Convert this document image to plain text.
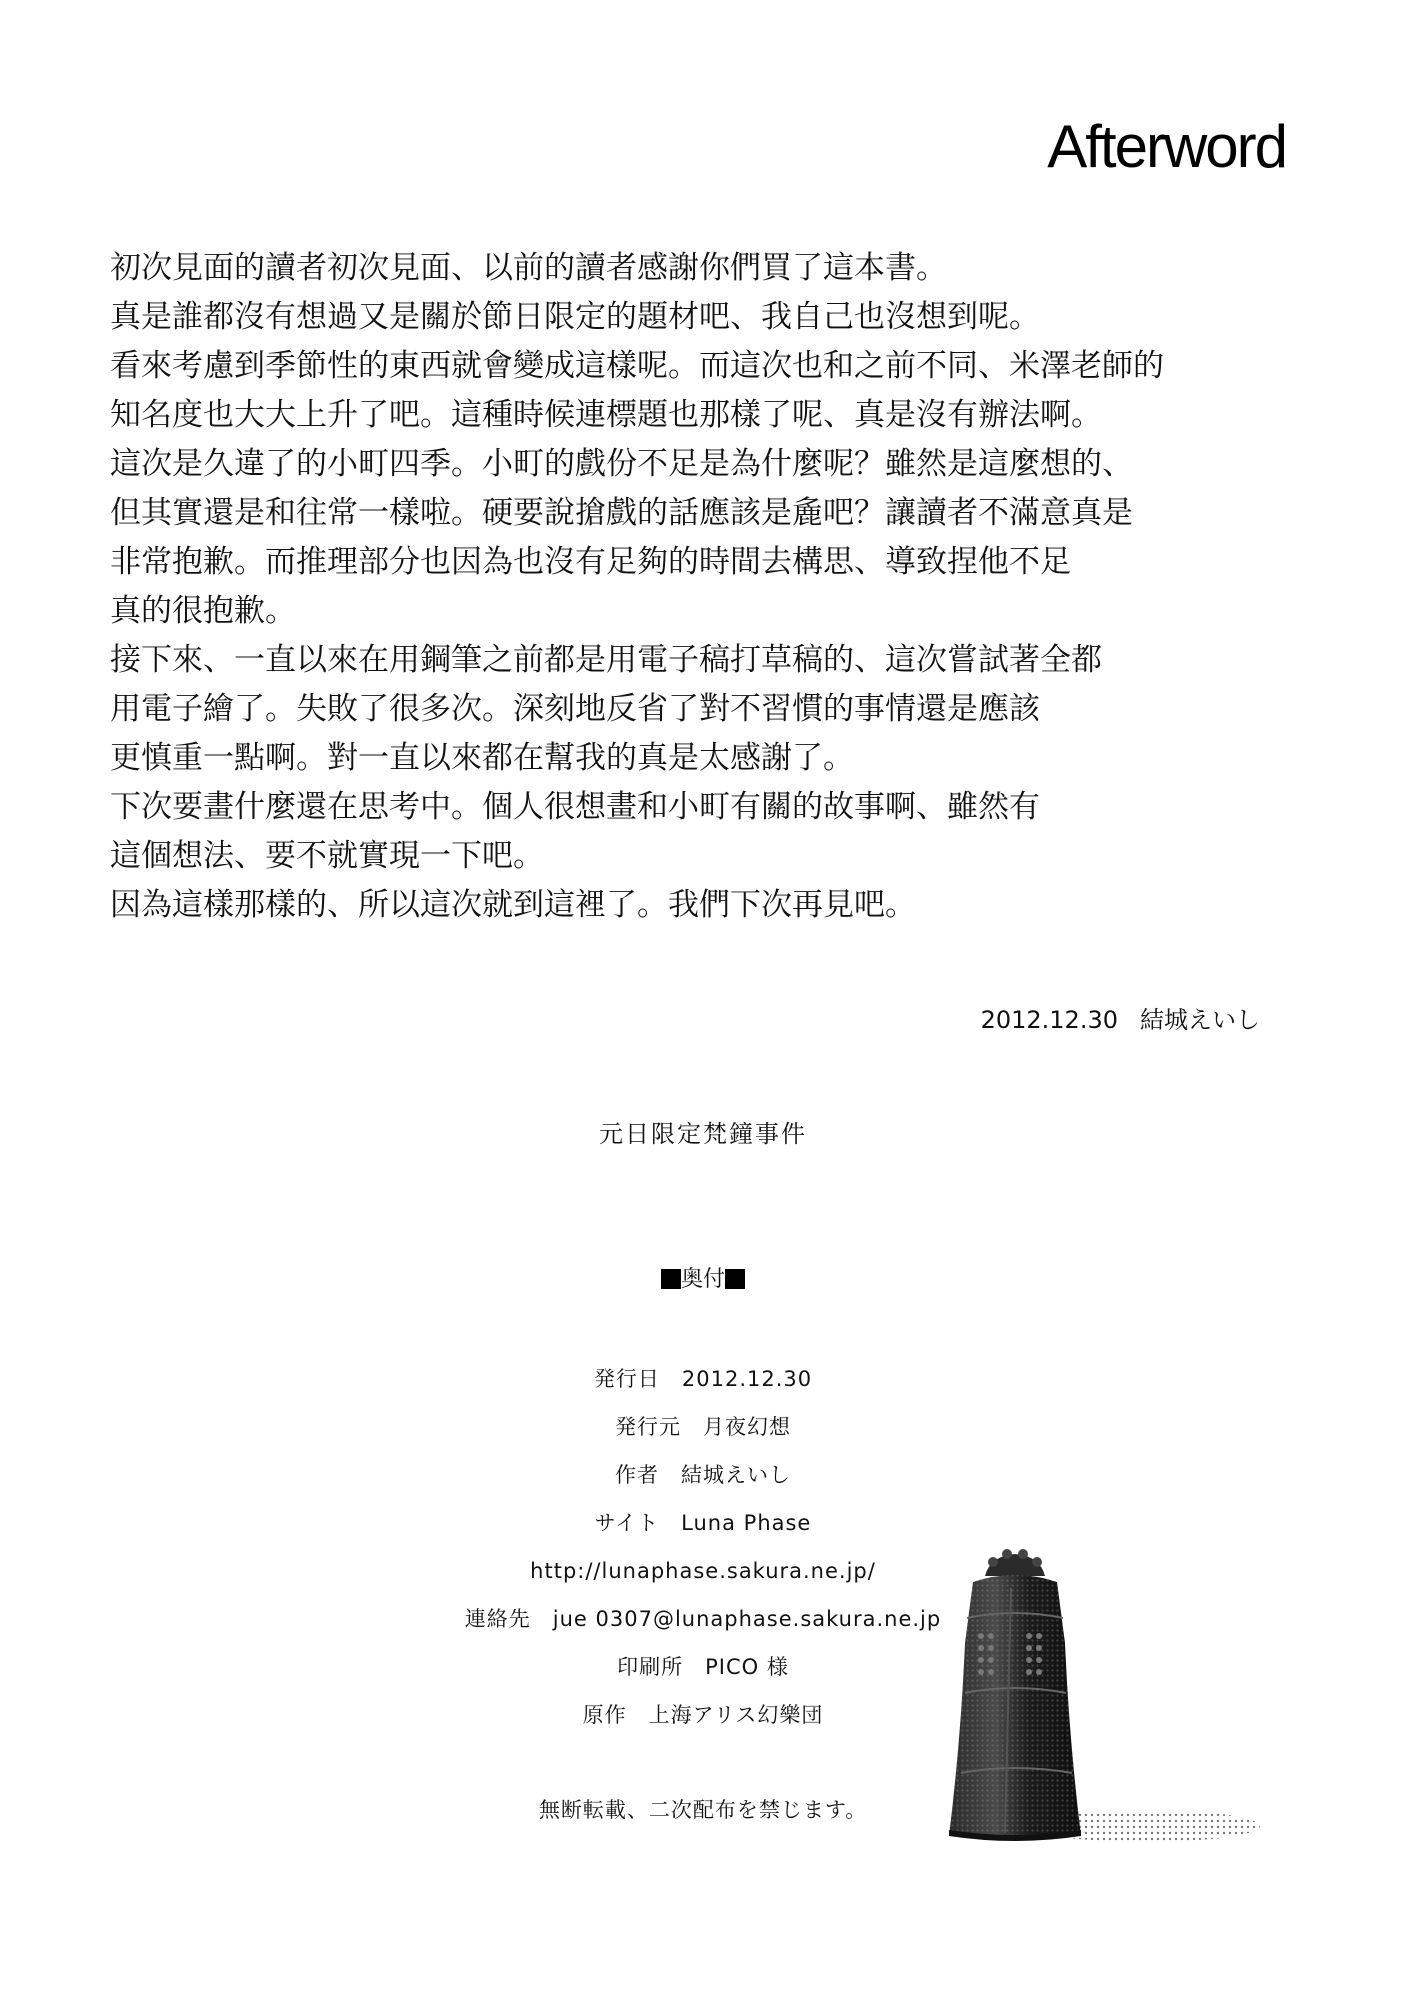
Afterword
初次見面的讀者初次見面、以前的讀者感謝你們買了這本書。
真是誰都沒有想過又是關於節日限定的題材吧、我自己也沒想到呢。
看來考慮到季節性的東西就會變成這樣呢。而這次也和之前不同、米澤老師的
知名度也大大上升了吧。這種時候連標題也那樣了呢、真是沒有辦法啊。
這次是久違了的小町四季。小町的戲份不足是為什麼呢？雖然是這麼想的、
但其實還是和往常一樣啦。硬要說搶戲的話應該是麁吧？讓讀者不滿意真是
非常抱歉。而推理部分也因為也沒有足夠的時間去構思、導致捏他不足
真的很抱歉。
接下來、一直以來在用鋼筆之前都是用電子稿打草稿的、這次嘗試著全都
用電子繪了。失敗了很多次。深刻地反省了對不習慣的事情還是應該
更慎重一點啊。對一直以來都在幫我的真是太感謝了。
下次要畫什麼還在思考中。個人很想畫和小町有關的故事啊、雖然有
這個想法、要不就實現一下吧。
因為這樣那樣的、所以這次就到這裡了。我們下次再見吧。
2012.12.30 結城えいし
元日限定梵鐘事件
奥付
発行日 2012.12.30
発行元 月夜幻想
作者 結城えいし
サイト Luna Phase
http://lunaphase.sakura.ne.jp/
連絡先 jue 0307@lunaphase.sakura.ne.jp
印刷所 PICO 様
原作 上海アリス幻樂団
無断転載、二次配布を禁じます。
